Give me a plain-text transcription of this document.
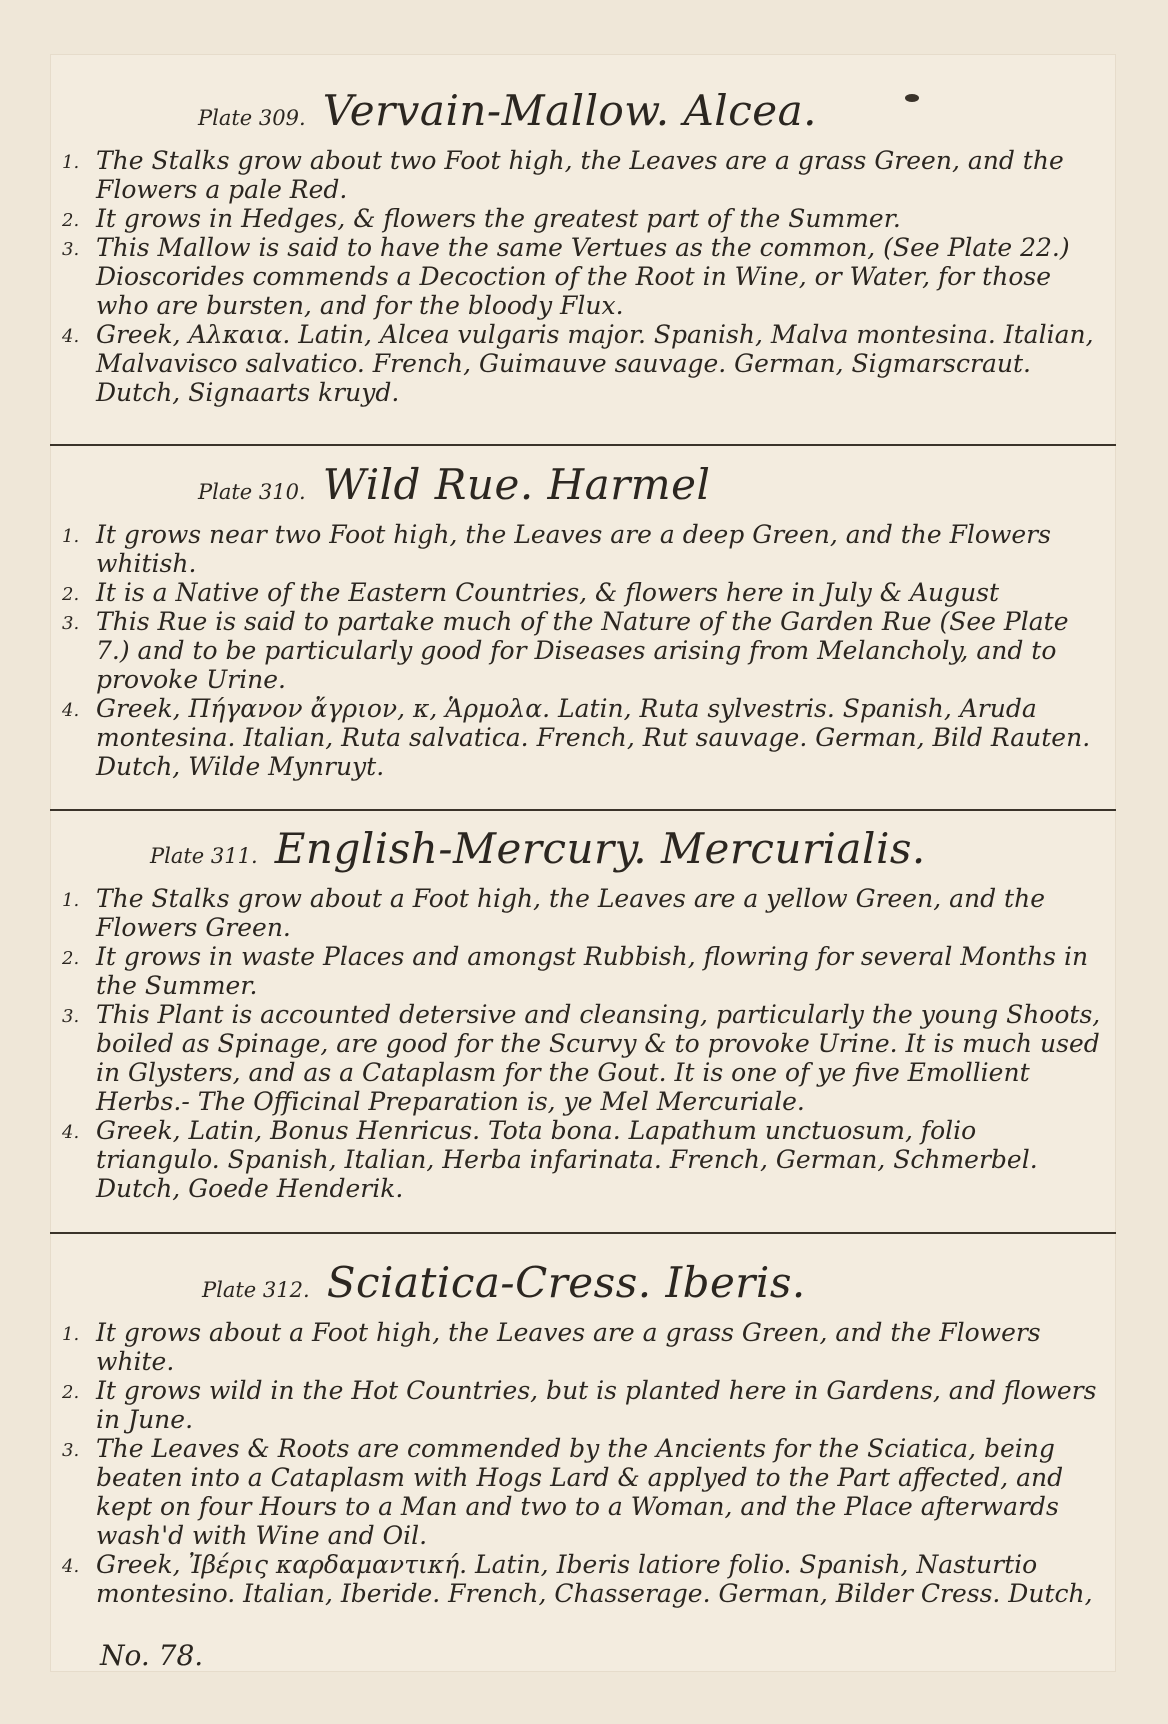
Plate 309. Vervain-Mallow. Alcea.
1. The Stalks grow about two Foot high, the Leaves are a grass Green, and the Flowers a pale Red.
2. It grows in Hedges, & flowers the greatest part of the Summer.
3. This Mallow is said to have the same Vertues as the common, (See Plate 22.) Dioscorides commends a Decoction of the Root in Wine, or Water, for those who are bursten, and for the bloody Flux.
4. Greek, Αλκαια. Latin, Alcea vulgaris major. Spanish, Malva montesina. Italian, Malvavisco salvatico. French, Guimauve sauvage. German, Sigmarscraut. Dutch, Signaarts kruyd.
Plate 310. Wild Rue. Harmel
1. It grows near two Foot high, the Leaves are a deep Green, and the Flowers whitish.
2. It is a Native of the Eastern Countries, & flowers here in July & August
3. This Rue is said to partake much of the Nature of the Garden Rue (See Plate 7.) and to be particularly good for Diseases arising from Melancholy, and to provoke Urine.
4. Greek, Πήγανον ἄγριον, κ, Ἁρμολα. Latin, Ruta sylvestris. Spanish, Aruda montesina. Italian, Ruta salvatica. French, Rut sauvage. German, Bild Rauten. Dutch, Wilde Mynruyt.
Plate 311. English-Mercury. Mercurialis.
1. The Stalks grow about a Foot high, the Leaves are a yellow Green, and the Flowers Green.
2. It grows in waste Places and amongst Rubbish, flowring for several Months in the Summer.
3. This Plant is accounted detersive and cleansing, particularly the young Shoots, boiled as Spinage, are good for the Scurvy & to provoke Urine. It is much used in Glysters, and as a Cataplasm for the Gout. It is one of ye five Emollient Herbs.- The Officinal Preparation is, ye Mel Mercuriale.
4. Greek, Latin, Bonus Henricus. Tota bona. Lapathum unctuosum, folio triangulo. Spanish, Italian, Herba infarinata. French, German, Schmerbel. Dutch, Goede Henderik.
Plate 312. Sciatica-Cress. Iberis.
1. It grows about a Foot high, the Leaves are a grass Green, and the Flowers white.
2. It grows wild in the Hot Countries, but is planted here in Gardens, and flowers in June.
3. The Leaves & Roots are commended by the Ancients for the Sciatica, being beaten into a Cataplasm with Hogs Lard & applyed to the Part affected, and kept on four Hours to a Man and two to a Woman, and the Place afterwards wash'd with Wine and Oil.
4. Greek, Ἰβέρις καρδαμαντική. Latin, Iberis latiore folio. Spanish, Nasturtio montesino. Italian, Iberide. French, Chasserage. German, Bilder Cress. Dutch,
No. 78.
